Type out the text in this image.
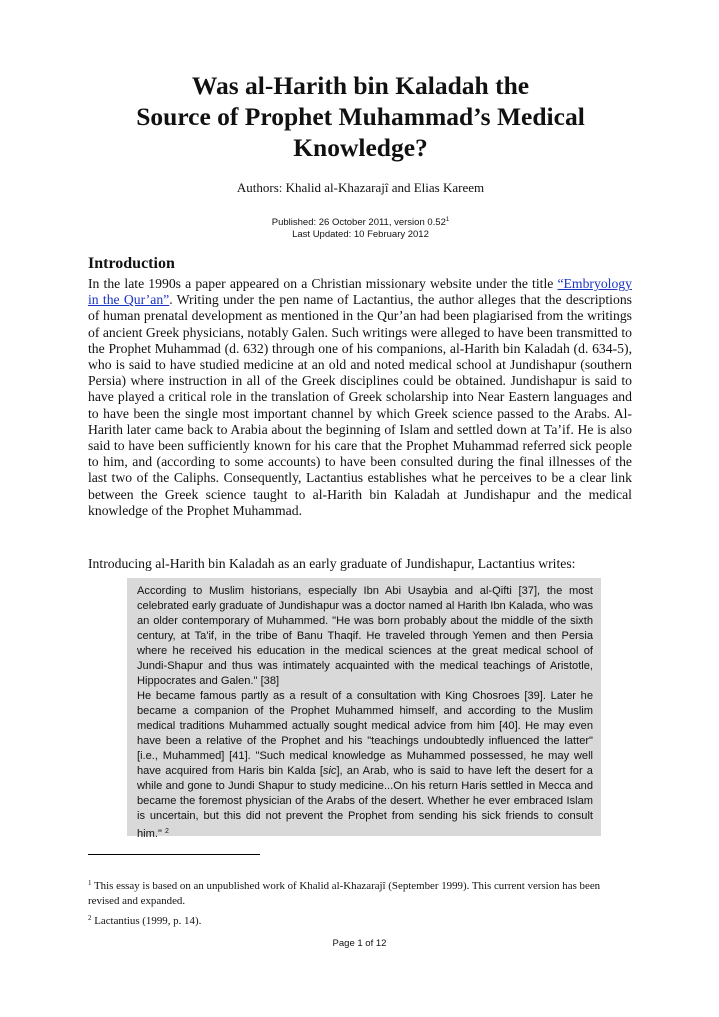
Was al-Harith bin Kaladah the
Source of Prophet Muhammad’s Medical
Knowledge?
Authors: Khalid al-Khazarajî and Elias Kareem
Published: 26 October 2011, version 0.52$^1$
Last Updated: 10 February 2012
Introduction

In the late 1990s a paper appeared on a Christian missionary website under the title “Embryology in the Qur’an”. Writing under the pen name of Lactantius, the author alleges that the descriptions of human prenatal development as mentioned in the Qur’an had been plagiarised from the writings of ancient Greek physicians, notably Galen. Such writings were alleged to have been transmitted to the Prophet Muhammad (d. 632) through one of his companions, al-Harith bin Kaladah (d. 634-5), who is said to have studied medicine at an old and noted medical school at Jundishapur (southern Persia) where instruction in all of the Greek disciplines could be obtained. Jundishapur is said to have played a critical role in the translation of Greek scholarship into Near Eastern languages and to have been the single most important channel by which Greek science passed to the Arabs. Al-Harith later came back to Arabia about the beginning of Islam and settled down at Ta’if. He is also said to have been sufficiently known for his care that the Prophet Muhammad referred sick people to him, and (according to some accounts) to have been consulted during the final illnesses of the last two of the Caliphs. Consequently, Lactantius establishes what he perceives to be a clear link between the Greek science taught to al-Harith bin Kaladah at Jundishapur and the medical knowledge of the Prophet Muhammad.

Introducing al-Harith bin Kaladah as an early graduate of Jundishapur, Lactantius writes:

According to Muslim historians, especially Ibn Abi Usaybia and al-Qifti [37], the most celebrated early graduate of Jundishapur was a doctor named al Harith Ibn Kalada, who was an older contemporary of Muhammed. "He was born probably about the middle of the sixth century, at Ta'if, in the tribe of Banu Thaqif. He traveled through Yemen and then Persia where he received his education in the medical sciences at the great medical school of Jundi-Shapur and thus was intimately acquainted with the medical teachings of Aristotle, Hippocrates and Galen." [38]

He became famous partly as a result of a consultation with King Chosroes [39]. Later he became a companion of the Prophet Muhammed himself, and according to the Muslim medical traditions Muhammed actually sought medical advice from him [40]. He may even have been a relative of the Prophet and his "teachings undoubtedly influenced the latter" [i.e., Muhammed] [41]. "Such medical knowledge as Muhammed possessed, he may well have acquired from Haris bin Kalda [sic], an Arab, who is said to have left the desert for a while and gone to Jundi Shapur to study medicine...On his return Haris settled in Mecca and became the foremost physician of the Arabs of the desert. Whether he ever embraced Islam is uncertain, but this did not prevent the Prophet from sending his sick friends to consult him." $^2$

$^1$ This essay is based on an unpublished work of Khalid al-Khazarajî (September 1999). This current version has been revised and expanded.

$^2$ Lactantius (1999, p. 14).

Page 1 of 12
